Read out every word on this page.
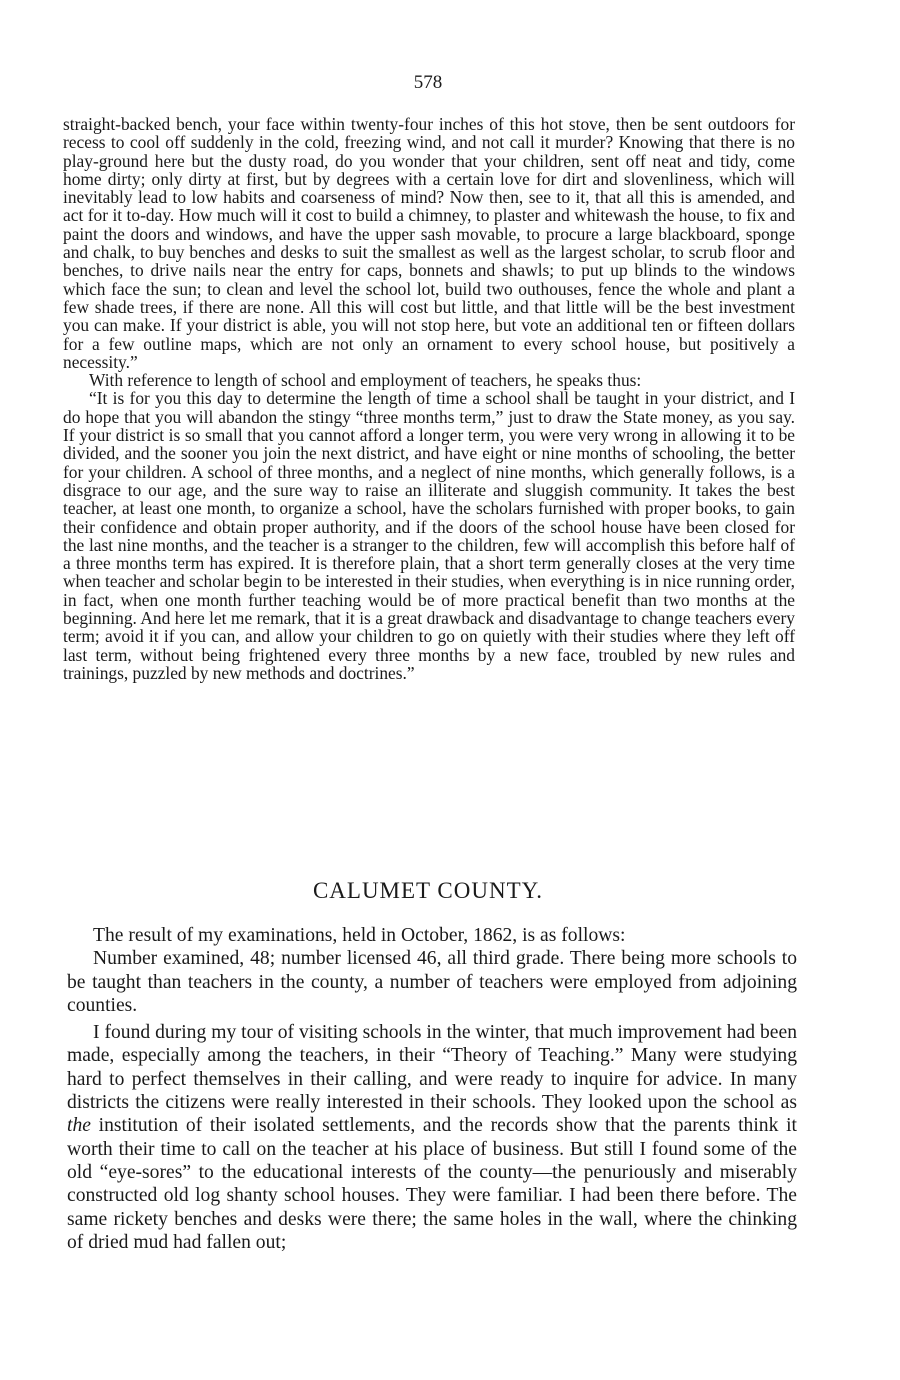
578

straight-backed bench, your face within twenty-four inches of this hot stove, then be sent outdoors for recess to cool off suddenly in the cold, freezing wind, and not call it murder? Knowing that there is no play-ground here but the dusty road, do you wonder that your children, sent off neat and tidy, come home dirty; only dirty at first, but by degrees with a certain love for dirt and slovenliness, which will inevitably lead to low habits and coarseness of mind? Now then, see to it, that all this is amended, and act for it to-day. How much will it cost to build a chimney, to plaster and whitewash the house, to fix and paint the doors and windows, and have the upper sash movable, to procure a large blackboard, sponge and chalk, to buy benches and desks to suit the smallest as well as the largest scholar, to scrub floor and benches, to drive nails near the entry for caps, bonnets and shawls; to put up blinds to the windows which face the sun; to clean and level the school lot, build two outhouses, fence the whole and plant a few shade trees, if there are none. All this will cost but little, and that little will be the best investment you can make. If your district is able, you will not stop here, but vote an additional ten or fifteen dollars for a few outline maps, which are not only an ornament to every school house, but positively a necessity.”

With reference to length of school and employment of teachers, he speaks thus:

“It is for you this day to determine the length of time a school shall be taught in your district, and I do hope that you will abandon the stingy “three months term,” just to draw the State money, as you say. If your district is so small that you cannot afford a longer term, you were very wrong in allowing it to be divided, and the sooner you join the next district, and have eight or nine months of schooling, the better for your children. A school of three months, and a neglect of nine months, which generally follows, is a disgrace to our age, and the sure way to raise an illiterate and sluggish community. It takes the best teacher, at least one month, to organize a school, have the scholars furnished with proper books, to gain their confidence and obtain proper authority, and if the doors of the school house have been closed for the last nine months, and the teacher is a stranger to the children, few will accomplish this before half of a three months term has expired. It is therefore plain, that a short term generally closes at the very time when teacher and scholar begin to be interested in their studies, when everything is in nice running order, in fact, when one month further teaching would be of more practical benefit than two months at the beginning. And here let me remark, that it is a great drawback and disadvantage to change teachers every term; avoid it if you can, and allow your children to go on quietly with their studies where they left off last term, without being frightened every three months by a new face, troubled by new rules and trainings, puzzled by new methods and doctrines.”

CALUMET COUNTY.

The result of my examinations, held in October, 1862, is as follows:

Number examined, 48; number licensed 46, all third grade. There being more schools to be taught than teachers in the county, a number of teachers were employed from adjoining counties.

I found during my tour of visiting schools in the winter, that much improvement had been made, especially among the teachers, in their “Theory of Teaching.” Many were studying hard to perfect themselves in their calling, and were ready to inquire for advice. In many districts the citizens were really interested in their schools. They looked upon the school as the institution of their isolated settlements, and the records show that the parents think it worth their time to call on the teacher at his place of business. But still I found some of the old “eye-sores” to the educational interests of the county—the penuriously and miserably constructed old log shanty school houses. They were familiar. I had been there before. The same rickety benches and desks were there; the same holes in the wall, where the chinking of dried mud had fallen out;
